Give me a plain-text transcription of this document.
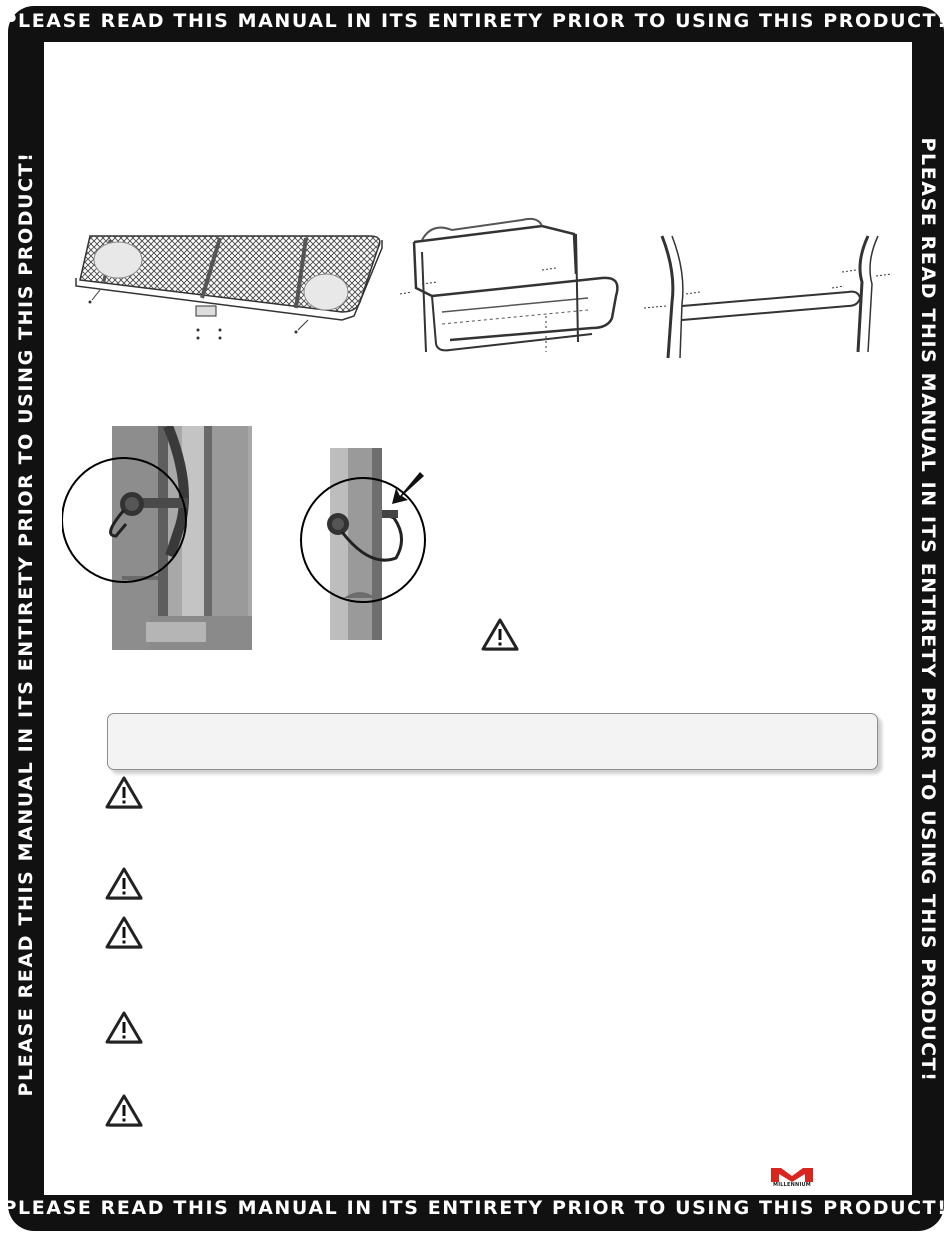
PLEASE READ THIS MANUAL IN ITS ENTIRETY PRIOR TO USING THIS PRODUCT!
PLEASE READ THIS MANUAL IN ITS ENTIRETY PRIOR TO USING THIS PRODUCT!
PLEASE READ THIS MANUAL IN ITS ENTIRETY PRIOR TO USING THIS PRODUCT!	PLEASE READ THIS MANUAL IN ITS ENTIRETY PRIOR TO USING THIS PRODUCT!
MILLENNIUM
